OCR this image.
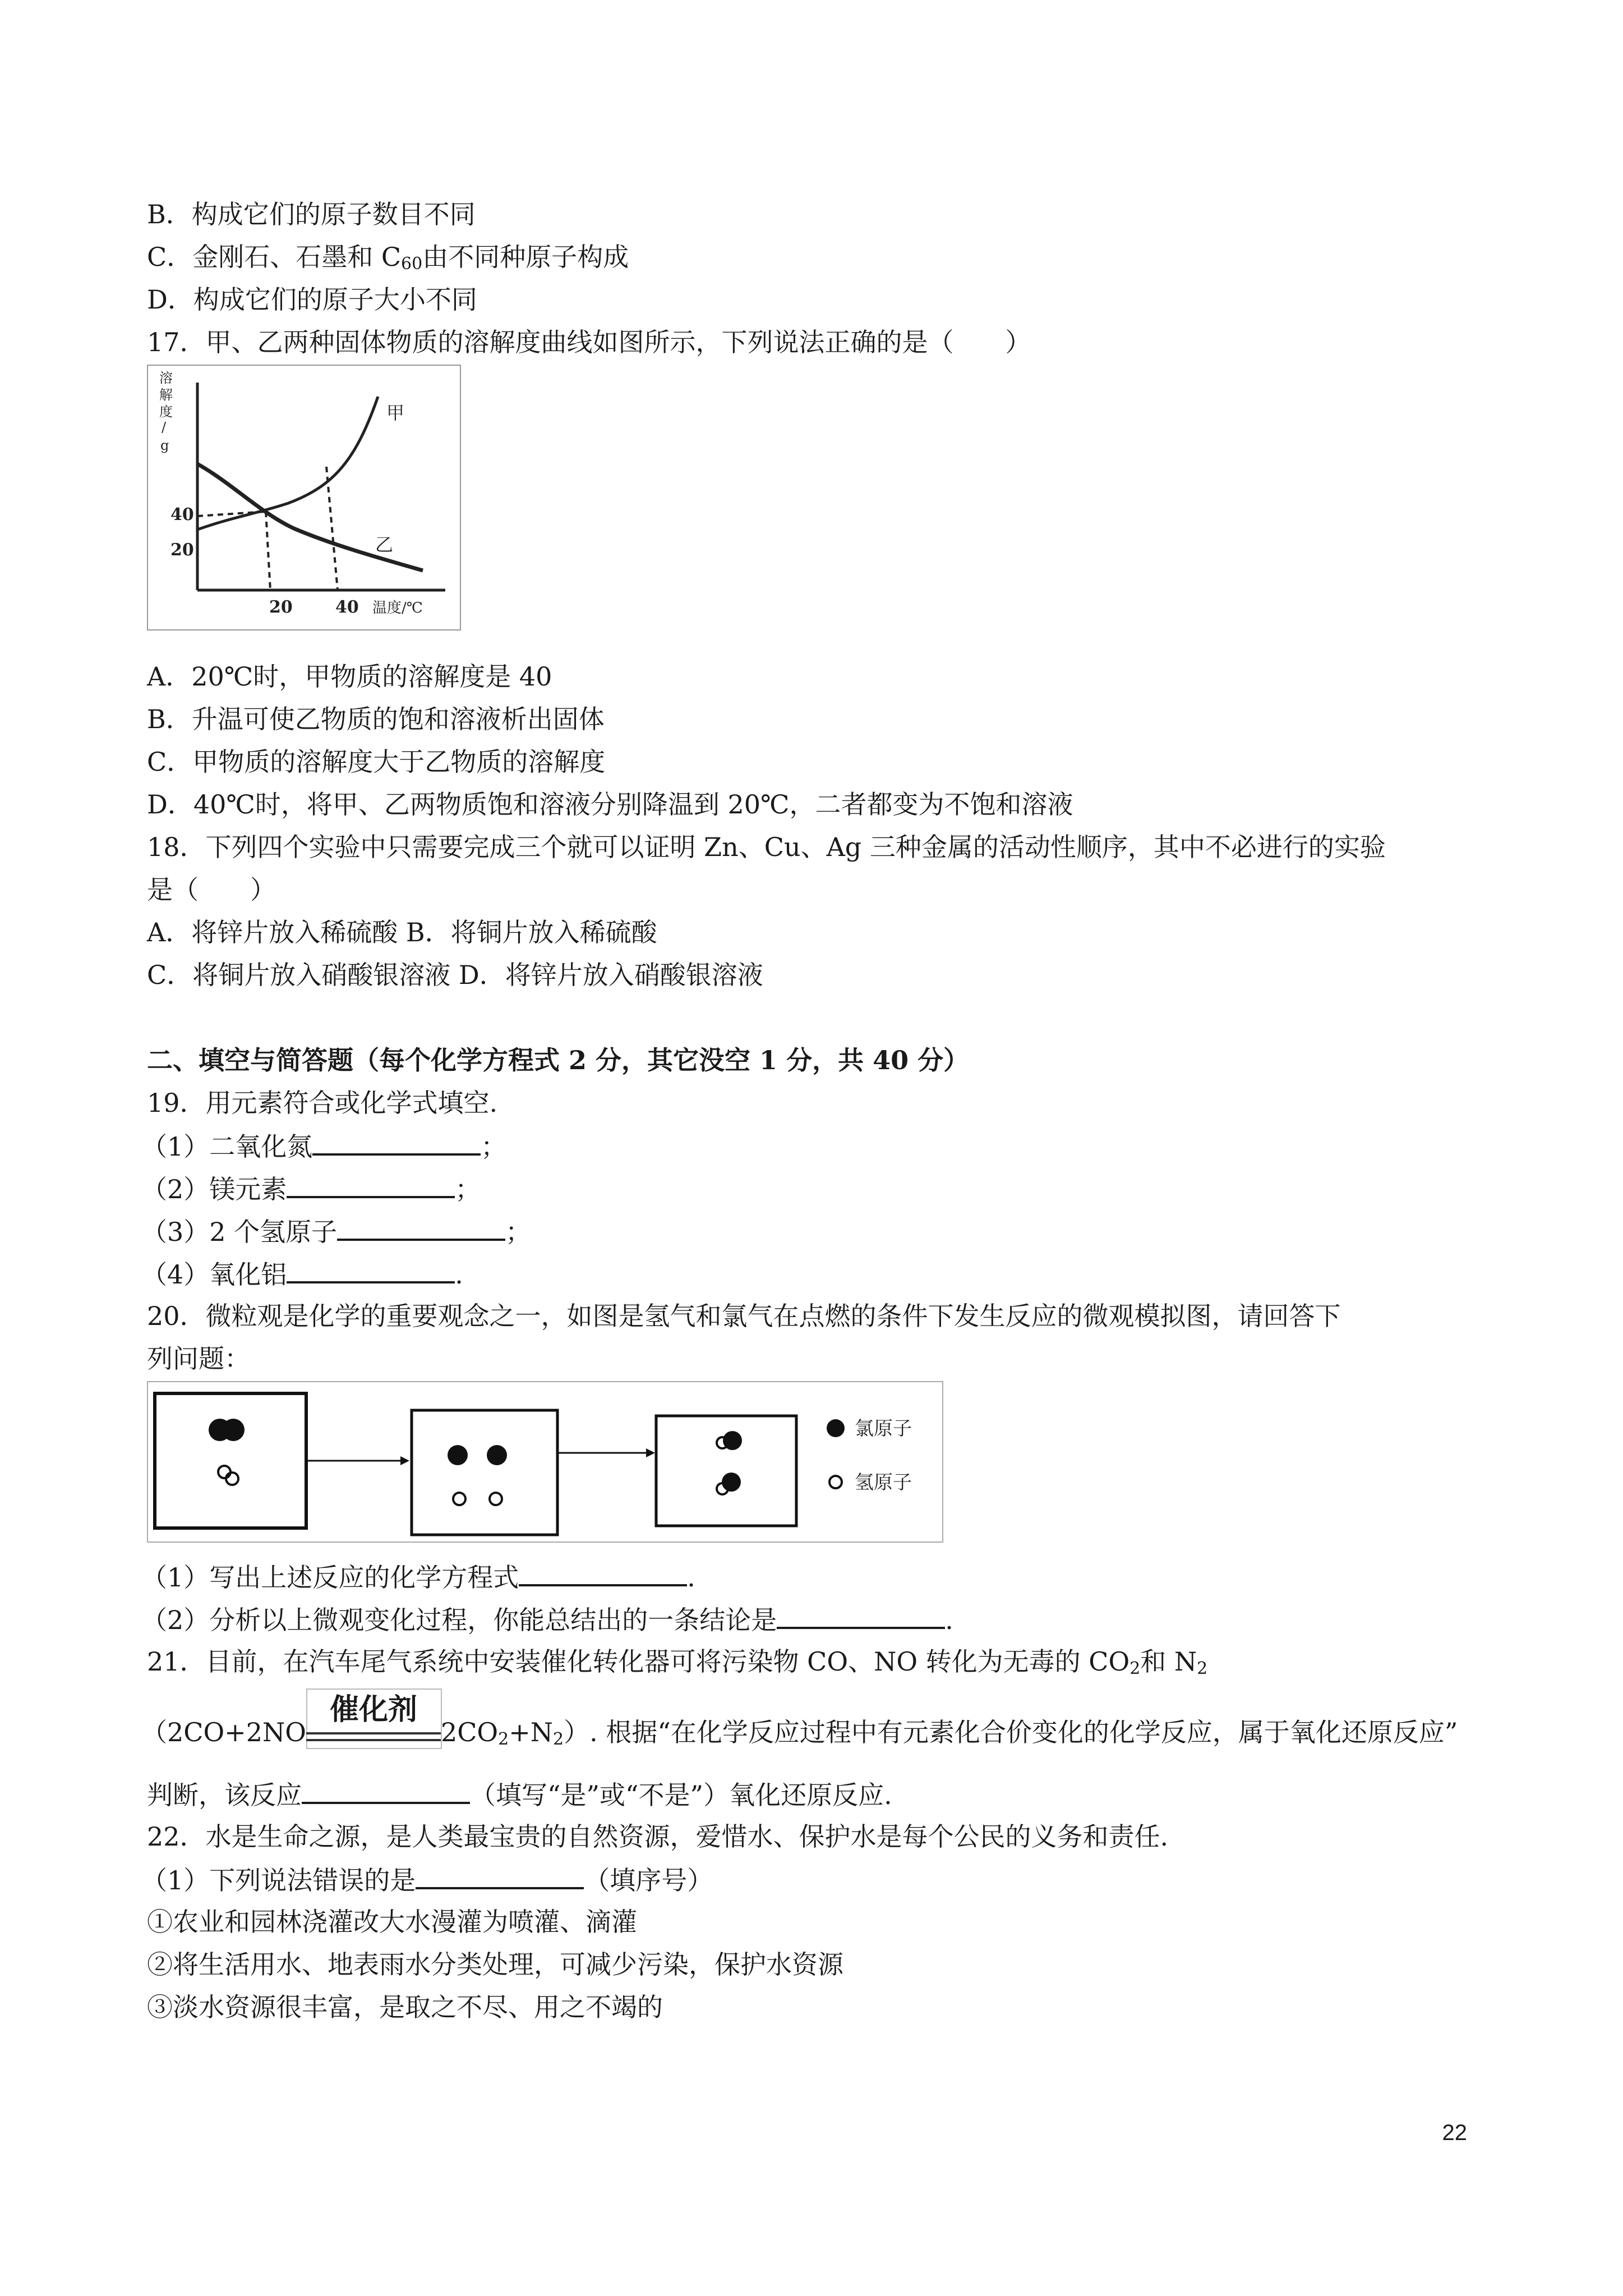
B．构成它们的原子数目不同
C．金刚石、石墨和 $C_{60}$由不同种原子构成
D．构成它们的原子大小不同
17．甲、乙两种固体物质的溶解度曲线如图所示，下列说法正确的是（　　）
溶
解
度
/
g
40
20
20	40 温度/℃
甲
乙
A．20℃时，甲物质的溶解度是 40
B．升温可使乙物质的饱和溶液析出固体
C．甲物质的溶解度大于乙物质的溶解度
D．40℃时，将甲、乙两物质饱和溶液分别降温到 20℃，二者都变为不饱和溶液
18．下列四个实验中只需要完成三个就可以证明 Zn、Cu、Ag 三种金属的活动性顺序，其中不必进行的实验
是（　　）
A．将锌片放入稀硫酸 B．将铜片放入稀硫酸
C．将铜片放入硝酸银溶液 D．将锌片放入硝酸银溶液
二、填空与简答题（每个化学方程式 2 分，其它没空 1 分，共 40 分）
19．用元素符合或化学式填空.
（1）二氧化氮	；
（2）镁元素	；
（3）2 个氢原子	；
（4）氧化铝	.
20．微粒观是化学的重要观念之一，如图是氢气和氯气在点燃的条件下发生反应的微观模拟图，请回答下
列问题：
氯原子
氢原子
（1）写出上述反应的化学方程式	.
（2）分析以上微观变化过程，你能总结出的一条结论是	.
21．目前，在汽车尾气系统中安装催化转化器可将污染物 CO、NO 转化为无毒的 $CO_2$和 $N_2$
（2CO+2NO
催化剂
$2CO_2+N_2$）. 根据“在化学反应过程中有元素化合价变化的化学反应，属于氧化还原反应”
判断，该反应	（填写“是”或“不是”）氧化还原反应.
22．水是生命之源，是人类最宝贵的自然资源，爱惜水、保护水是每个公民的义务和责任.
（1）下列说法错误的是	（填序号）
①农业和园林浇灌改大水漫灌为喷灌、滴灌
②将生活用水、地表雨水分类处理，可减少污染，保护水资源
③淡水资源很丰富，是取之不尽、用之不竭的
22
